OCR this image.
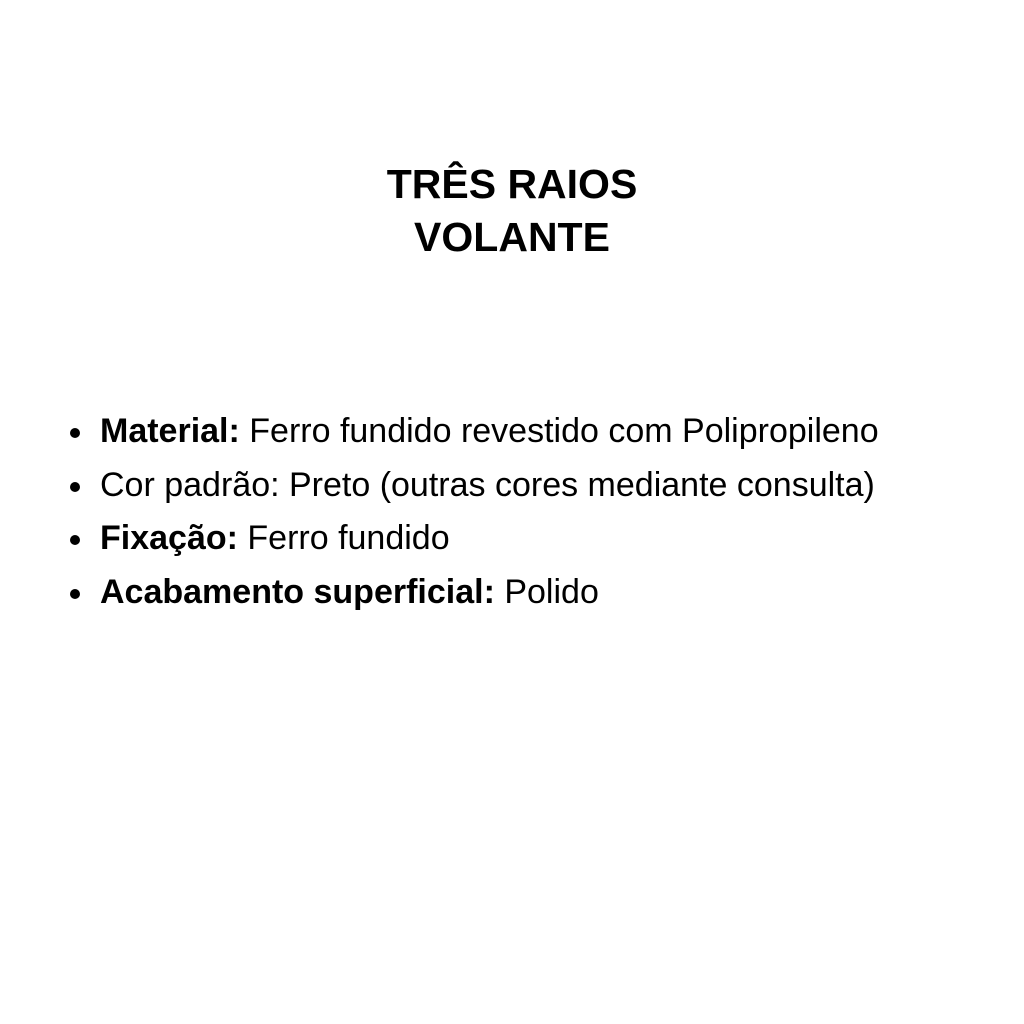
TRÊS RAIOS
VOLANTE
Material: Ferro fundido revestido com Polipropileno
Cor padrão: Preto (outras cores mediante consulta)
Fixação: Ferro fundido
Acabamento superficial: Polido
